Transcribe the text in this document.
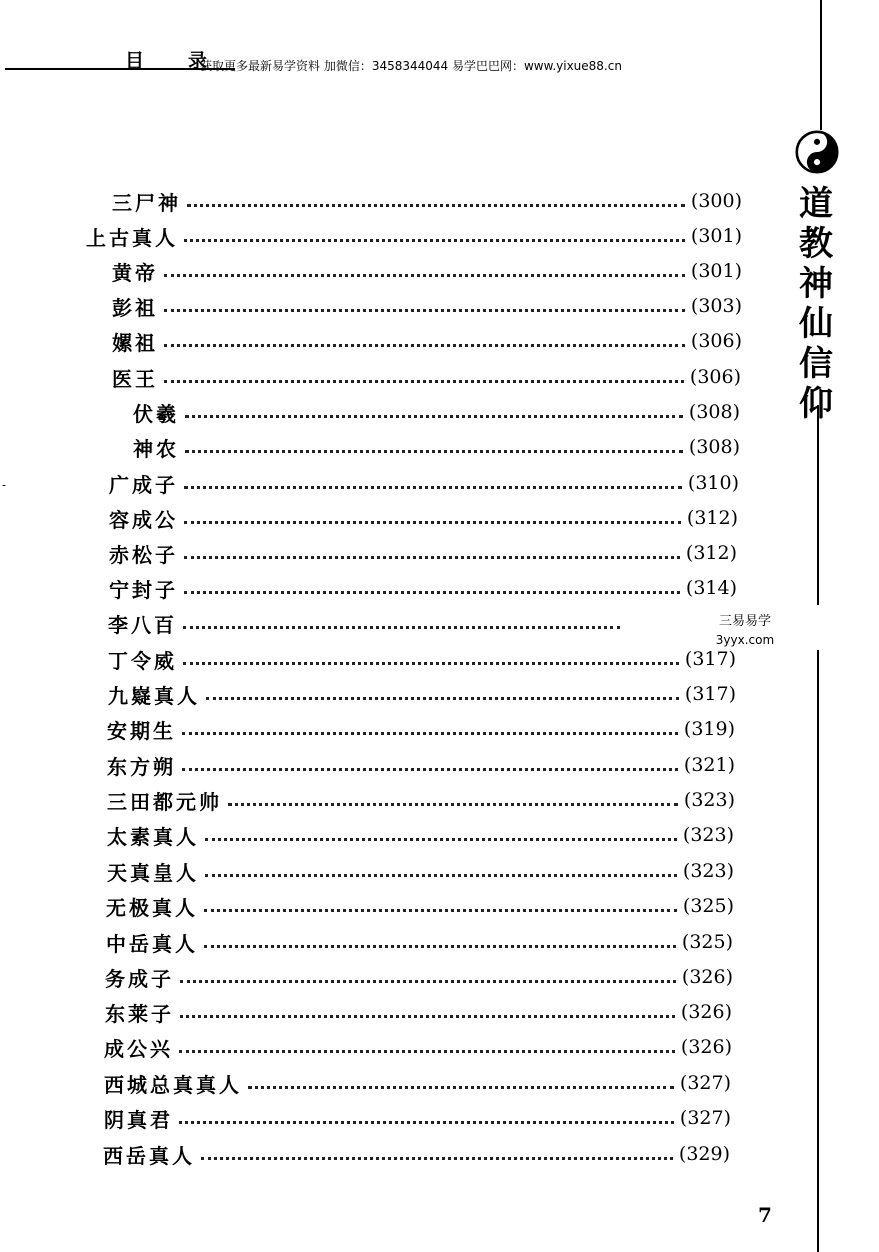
目录
获取更多最新易学资料 加微信：3458344044 易学巴巴网：www.yixue88.cn
-
道
教
神
仙
信
仰
三易易学
3yyx.com
三尸神	(300)
上古真人	(301)
黄帝	(301)
彭祖	(303)
嫘祖	(306)
医王	(306)
伏羲	(308)
神农	(308)
广成子	(310)
容成公	(312)
赤松子	(312)
宁封子	(314)
李八百
丁令威	(317)
九嶷真人	(317)
安期生	(319)
东方朔	(321)
三田都元帅	(323)
太素真人	(323)
天真皇人	(323)
无极真人	(325)
中岳真人	(325)
务成子	(326)
东莱子	(326)
成公兴	(326)
西城总真真人	(327)
阴真君	(327)
西岳真人	(329)
7
